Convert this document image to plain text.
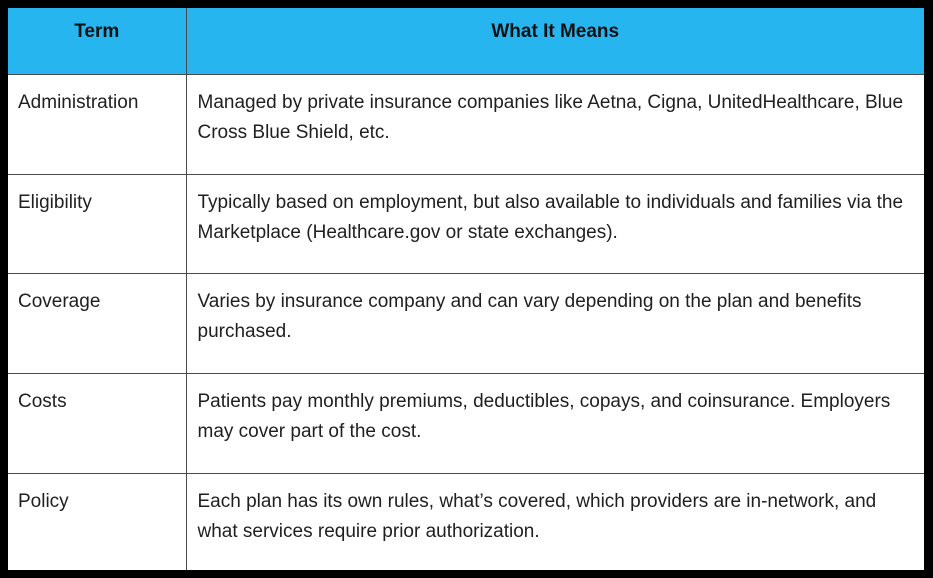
Term	What It Means
Administration	Managed by private insurance companies like Aetna, Cigna, UnitedHealthcare, Blue Cross Blue Shield, etc.
Eligibility	Typically based on employment, but also available to individuals and families via the Marketplace (Healthcare.gov or state exchanges).
Coverage	Varies by insurance company and can vary depending on the plan and benefits purchased.
Costs	Patients pay monthly premiums, deductibles, copays, and coinsurance. Employers may cover part of the cost.
Policy	Each plan has its own rules, what’s covered, which providers are in-network, and what services require prior authorization.
